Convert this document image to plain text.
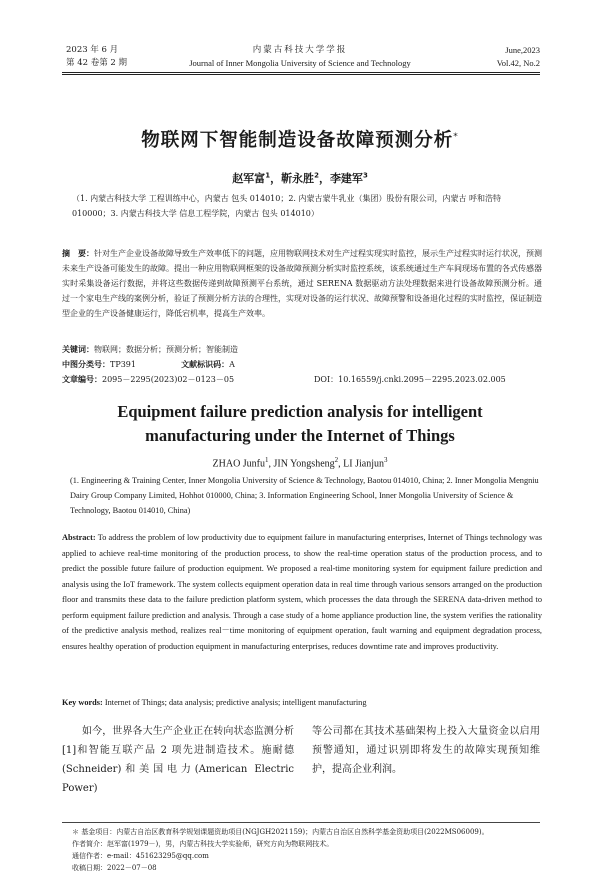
2023 年 6 月
第 42 卷第 2 期
内蒙古科技大学学报
Journal of Inner Mongolia University of Science and Technology
June,2023
Vol.42, No.2
物联网下智能制造设备故障预测分析*
赵军富$^1$，靳永胜$^2$，李建军$^3$
（1. 内蒙古科技大学 工程训练中心，内蒙古 包头 014010；2. 内蒙古蒙牛乳业（集团）股份有限公司，内蒙古 呼和浩特 010000；3. 内蒙古科技大学 信息工程学院，内蒙古 包头 014010）
摘　要：针对生产企业设备故障导致生产效率低下的问题，应用物联网技术对生产过程实现实时监控，展示生产过程实时运行状况，预测未来生产设备可能发生的故障。提出一种应用物联网框架的设备故障预测分析实时监控系统，该系统通过生产车间现场布置的各式传感器实时采集设备运行数据，并将这些数据传递到故障预测平台系统，通过 SERENA 数据驱动方法处理数据来进行设备故障预测分析。通过一个家电生产线的案例分析，验证了预测分析方法的合理性，实现对设备的运行状况、故障预警和设备退化过程的实时监控，保证制造型企业的生产设备健康运行，降低宕机率，提高生产效率。
关键词：物联网；数据分析；预测分析；智能制造
中图分类号：TP391	文献标识码：A
文章编号：2095－2295(2023)02－0123－05	DOI：10.16559/j.cnki.2095－2295.2023.02.005
Equipment failure prediction analysis for intelligent
manufacturing under the Internet of Things
ZHAO Junfu$^1$, JIN Yongsheng$^2$, LI Jianjun$^3$
(1. Engineering & Training Center, Inner Mongolia University of Science & Technology, Baotou 014010, China; 2. Inner Mongolia Mengniu Dairy Group Company Limited, Hohhot 010000, China; 3. Information Engineering School, Inner Mongolia University of Science & Technology, Baotou 014010, China)
Abstract: To address the problem of low productivity due to equipment failure in manufacturing enterprises, Internet of Things technology was applied to achieve real-time monitoring of the production process, to show the real-time operation status of the production process, and to predict the possible future failure of production equipment. We proposed a real-time monitoring system for equipment failure prediction and analysis using the IoT framework. The system collects equipment operation data in real time through various sensors arranged on the production floor and transmits these data to the failure prediction platform system, which processes the data through the SERENA data-driven method to perform equipment failure prediction and analysis. Through a case study of a home appliance production line, the system verifies the rationality of the predictive analysis method, realizes real－time monitoring of equipment operation, fault warning and equipment degradation process, ensures healthy operation of production equipment in manufacturing enterprises, reduces downtime rate and improves productivity.
Key words: Internet of Things; data analysis; predictive analysis; intelligent manufacturing
如今，世界各大生产企业正在转向状态监测分析[1]和智能互联产品 2 项先进制造技术。施耐德(Schneider)和美国电力(American Electric Power)
等公司都在其技术基础架构上投入大量资金以启用预警通知，通过识别即将发生的故障实现预知维护，提高企业利润。
＊ 基金项目：内蒙古自治区教育科学规划课题资助项目(NGJGH2021159)；内蒙古自治区自然科学基金资助项目(2022MS06009)。
作者简介：赵军富(1979－)，男，内蒙古科技大学实验师，研究方向为物联网技术。
通信作者：e-mail：451623295@qq.com
收稿日期：2022－07－08
